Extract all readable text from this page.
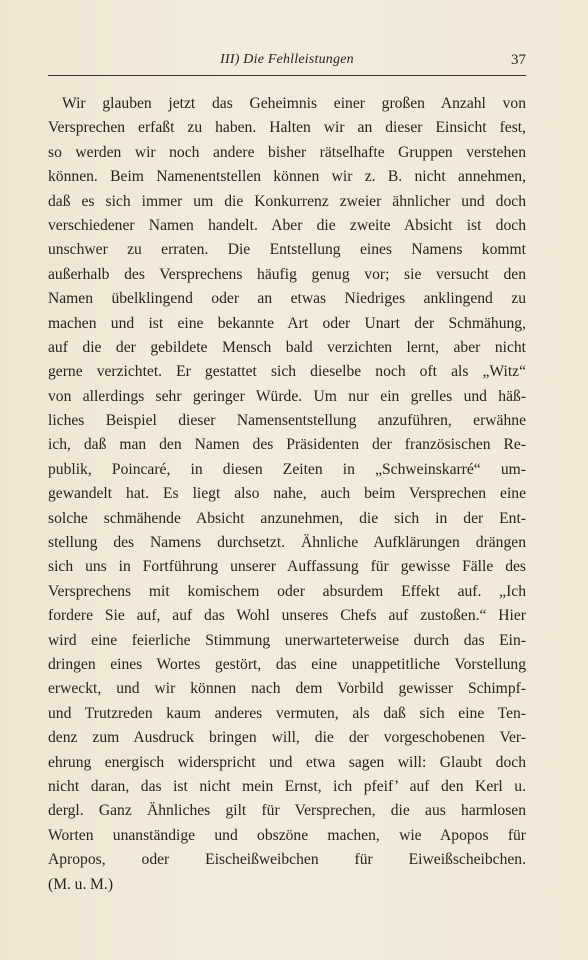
III) Die Fehlleistungen	37
Wir glauben jetzt das Geheimnis einer großen Anzahl von
Versprechen erfaßt zu haben. Halten wir an dieser Einsicht fest,
so werden wir noch andere bisher rätselhafte Gruppen verstehen
können. Beim Namenentstellen können wir z. B. nicht annehmen,
daß es sich immer um die Konkurrenz zweier ähnlicher und doch
verschiedener Namen handelt. Aber die zweite Absicht ist doch
unschwer zu erraten. Die Entstellung eines Namens kommt
außerhalb des Versprechens häufig genug vor; sie versucht den
Namen übelklingend oder an etwas Niedriges anklingend zu
machen und ist eine bekannte Art oder Unart der Schmähung,
auf die der gebildete Mensch bald verzichten lernt, aber nicht
gerne verzichtet. Er gestattet sich dieselbe noch oft als „Witz“
von allerdings sehr geringer Würde. Um nur ein grelles und häß-
liches Beispiel dieser Namensentstellung anzuführen, erwähne
ich, daß man den Namen des Präsidenten der französischen Re-
publik, Poincaré, in diesen Zeiten in „Schweinskarré“ um-
gewandelt hat. Es liegt also nahe, auch beim Versprechen eine
solche schmähende Absicht anzunehmen, die sich in der Ent-
stellung des Namens durchsetzt. Ähnliche Aufklärungen drängen
sich uns in Fortführung unserer Auffassung für gewisse Fälle des
Versprechens mit komischem oder absurdem Effekt auf. „Ich
fordere Sie auf, auf das Wohl unseres Chefs auf zustoßen.“ Hier
wird eine feierliche Stimmung unerwarteterweise durch das Ein-
dringen eines Wortes gestört, das eine unappetitliche Vorstellung
erweckt, und wir können nach dem Vorbild gewisser Schimpf-
und Trutzreden kaum anderes vermuten, als daß sich eine Ten-
denz zum Ausdruck bringen will, die der vorgeschobenen Ver-
ehrung energisch widerspricht und etwa sagen will: Glaubt doch
nicht daran, das ist nicht mein Ernst, ich pfeif’ auf den Kerl u.
dergl. Ganz Ähnliches gilt für Versprechen, die aus harmlosen
Worten unanständige und obszöne machen, wie Apopos für
Apropos, oder Eischeißweibchen für Eiweißscheibchen.
(M. u. M.)
